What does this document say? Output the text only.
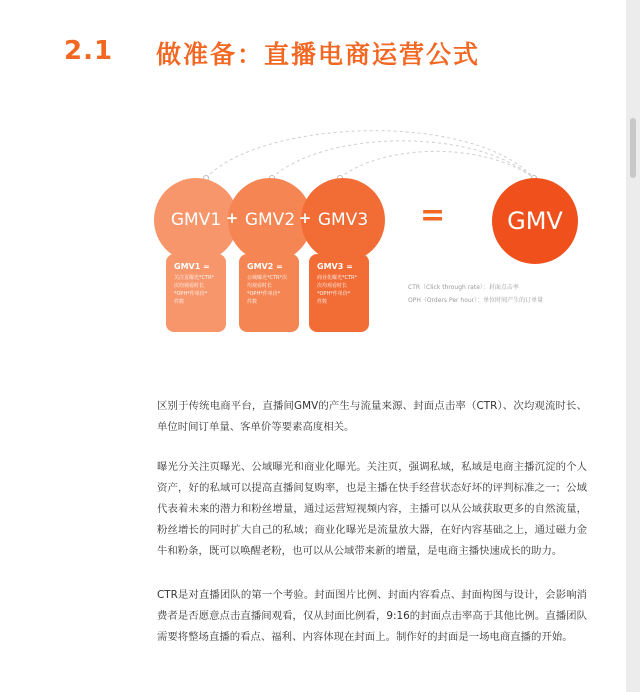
2.1 做准备：直播电商运营公式
GMV1	GMV2	GMV3
+	+	=	GMV
GMV1 =
关注页曝光*CTR*
次均观看时长
*OPH*件单价*
件数
GMV2 =
公域曝光*CTR*次
均观看时长
*OPH*件单价*
件数
GMV3 =
商业化曝光*CTR*
次均观看时长
*OPH*件单价*
件数
CTR（Click through rate）：封面点击率
OPH（Orders Per hour）：单位时间产生的订单量
区别于传统电商平台，直播间GMV的产生与流量来源、封面点击率（CTR）、次均观流时长、单位时间订单量、客单价等要素高度相关。
曝光分关注页曝光、公域曝光和商业化曝光。关注页，强调私域，私域是电商主播沉淀的个人资产，好的私域可以提高直播间复购率，也是主播在快手经营状态好坏的评判标准之一；公域代表着未来的潜力和粉丝增量，通过运营短视频内容，主播可以从公域获取更多的自然流量，粉丝增长的同时扩大自己的私域；商业化曝光是流量放大器，在好内容基础之上，通过磁力金牛和粉条，既可以唤醒老粉，也可以从公域带来新的增量，是电商主播快速成长的助力。
CTR是对直播团队的第一个考验。封面图片比例、封面内容看点、封面构图与设计，会影响消费者是否愿意点击直播间观看，仅从封面比例看，9:16的封面点击率高于其他比例。直播团队需要将整场直播的看点、福利、内容体现在封面上。制作好的封面是一场电商直播的开始。
